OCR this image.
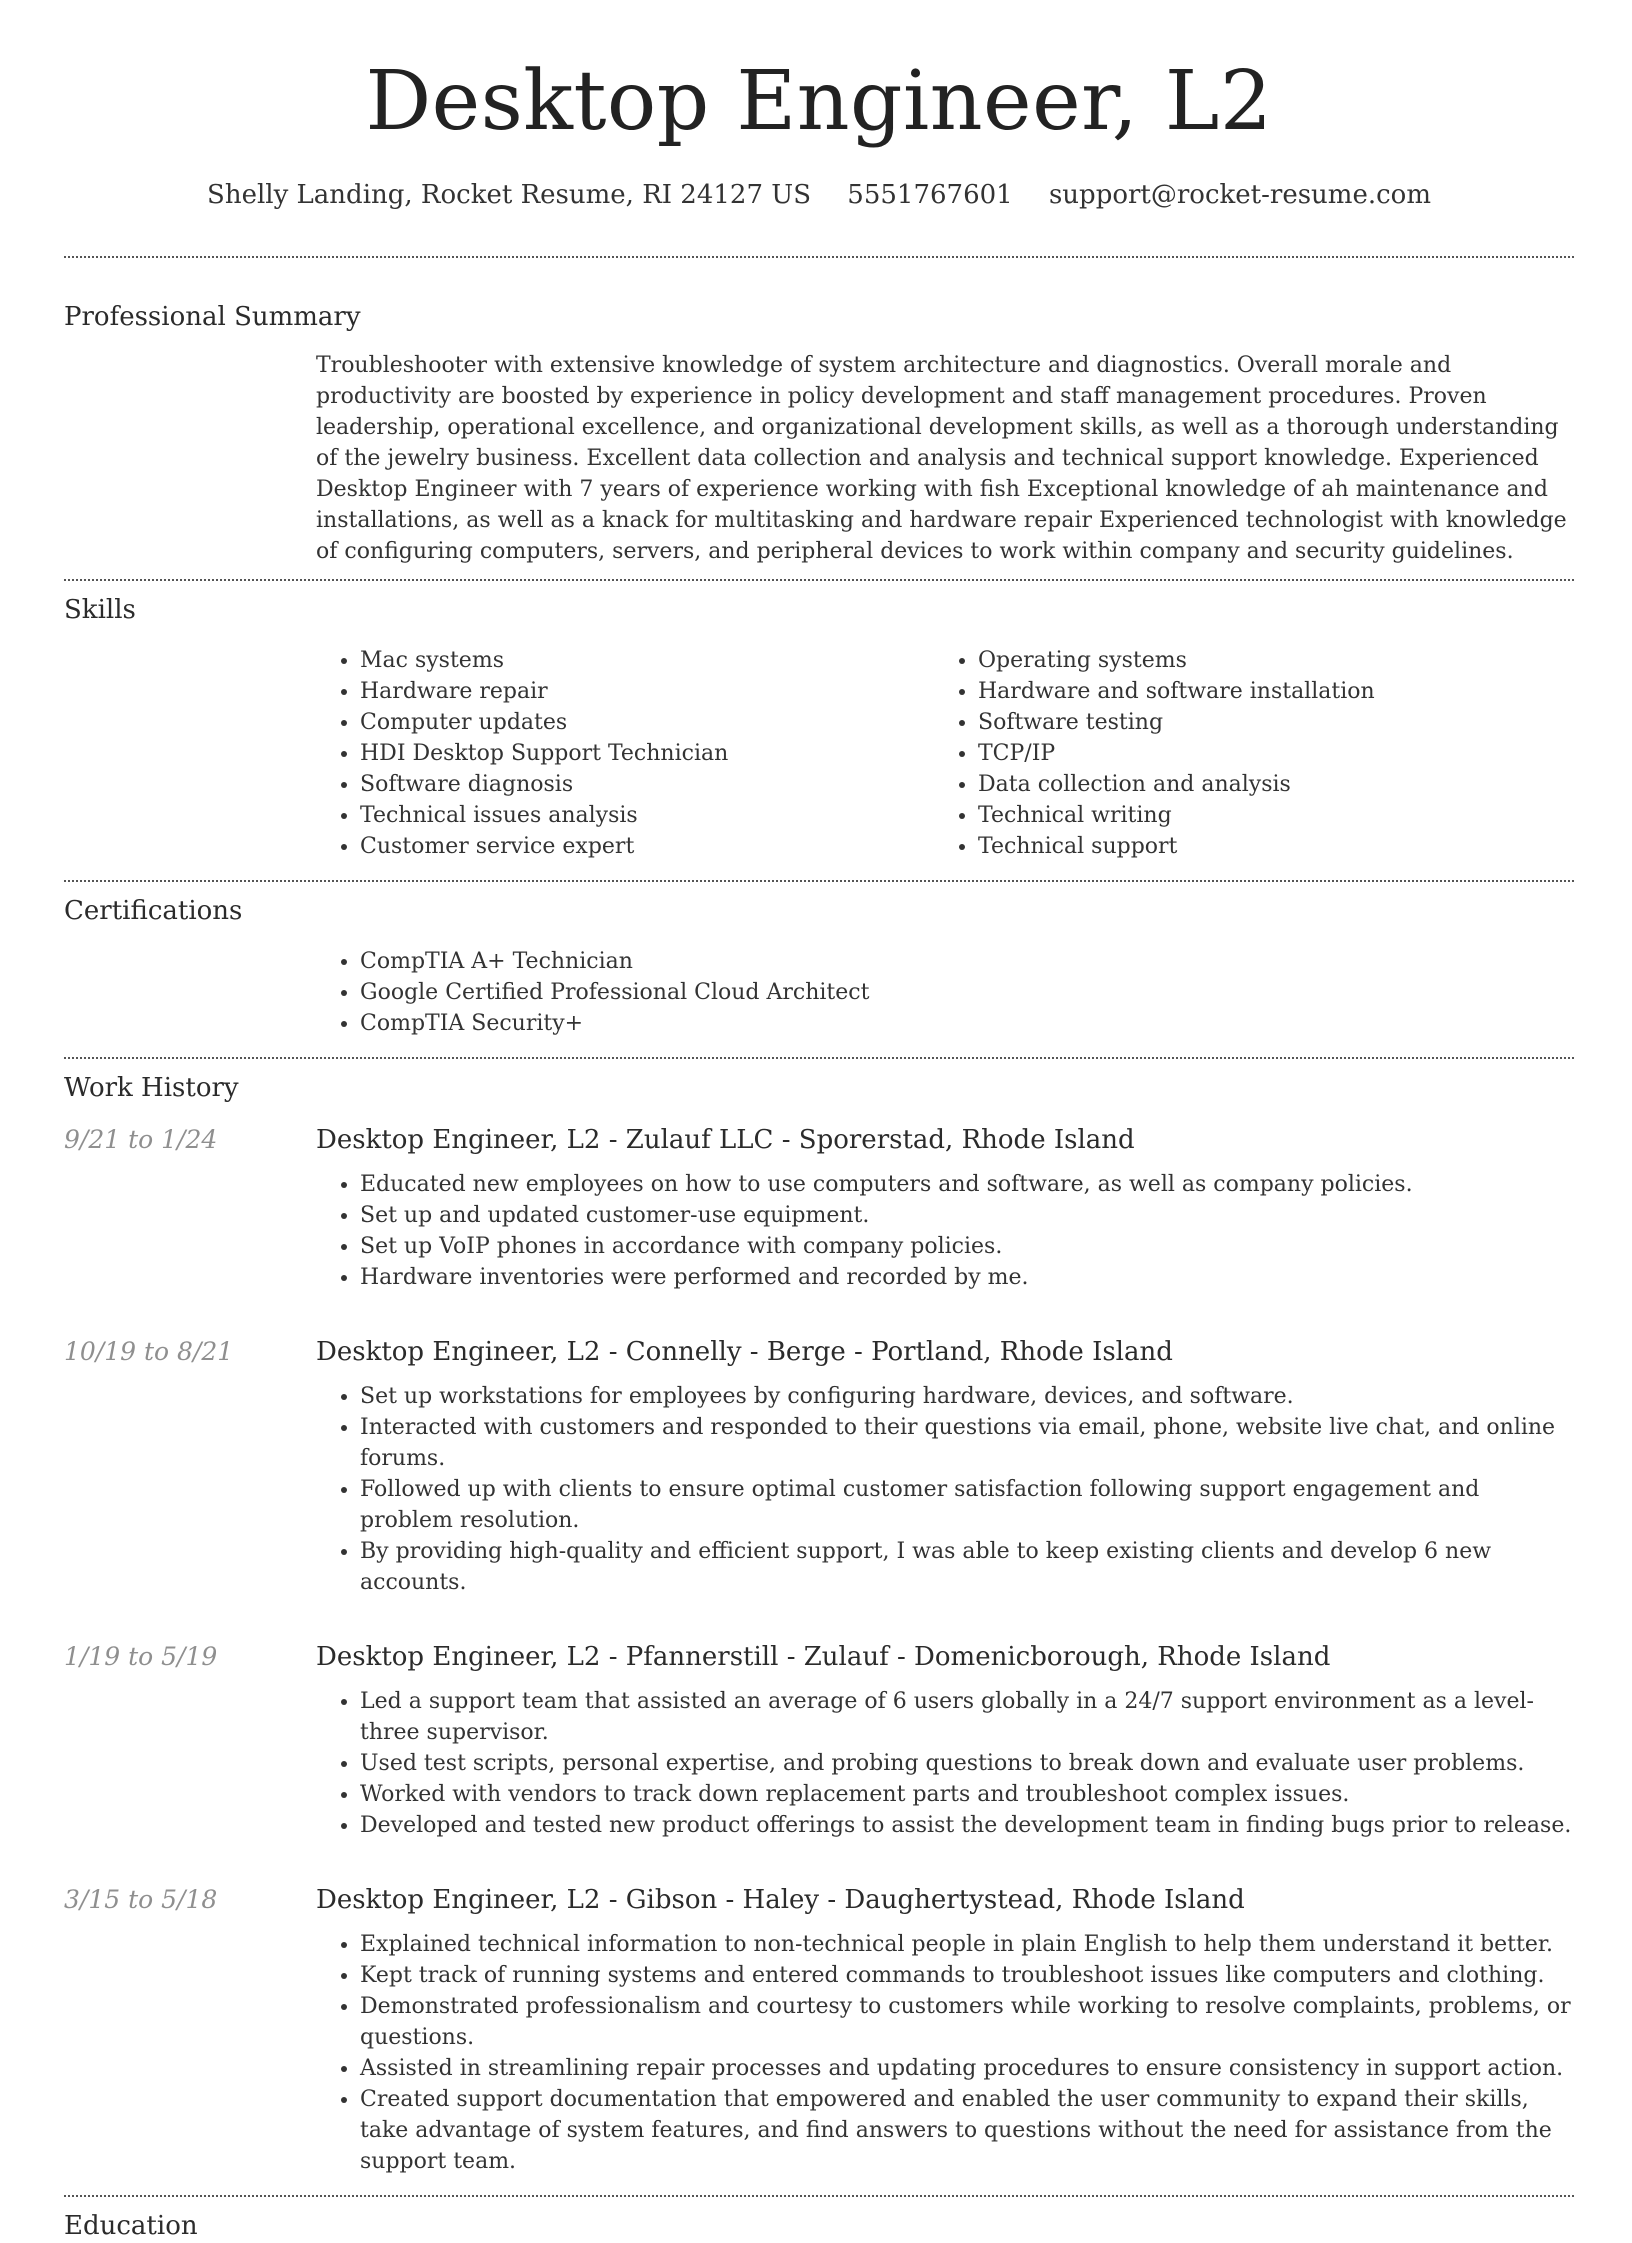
Desktop Engineer, L2
Shelly Landing, Rocket Resume, RI 24127 US 5551767601 support@rocket-resume.com
Professional Summary

Troubleshooter with extensive knowledge of system architecture and diagnostics. Overall morale and productivity are boosted by experience in policy development and staff management procedures. Proven leadership, operational excellence, and organizational development skills, as well as a thorough understanding of the jewelry business. Excellent data collection and analysis and technical support knowledge. Experienced Desktop Engineer with 7 years of experience working with fish Exceptional knowledge of ah maintenance and installations, as well as a knack for multitasking and hardware repair Experienced technologist with knowledge of configuring computers, servers, and peripheral devices to work within company and security guidelines.

Skills
• Mac systems
• Hardware repair
• Computer updates
• HDI Desktop Support Technician
• Software diagnosis
• Technical issues analysis
• Customer service expert
• Operating systems
• Hardware and software installation
• Software testing
• TCP/IP
• Data collection and analysis
• Technical writing
• Technical support
Certifications
• CompTIA A+ Technician
• Google Certified Professional Cloud Architect
• CompTIA Security+
Work History
9/21 to 1/24	Desktop Engineer, L2 - Zulauf LLC - Sporerstad, Rhode Island
• Educated new employees on how to use computers and software, as well as company policies.
• Set up and updated customer-use equipment.
• Set up VoIP phones in accordance with company policies.
• Hardware inventories were performed and recorded by me.
10/19 to 8/21	Desktop Engineer, L2 - Connelly - Berge - Portland, Rhode Island
• Set up workstations for employees by configuring hardware, devices, and software.
• Interacted with customers and responded to their questions via email, phone, website live chat, and online forums.
• Followed up with clients to ensure optimal customer satisfaction following support engagement and problem resolution.
• By providing high-quality and efficient support, I was able to keep existing clients and develop 6 new accounts.
1/19 to 5/19	Desktop Engineer, L2 - Pfannerstill - Zulauf - Domenicborough, Rhode Island
• Led a support team that assisted an average of 6 users globally in a 24/7 support environment as a level-three supervisor.
• Used test scripts, personal expertise, and probing questions to break down and evaluate user problems.
• Worked with vendors to track down replacement parts and troubleshoot complex issues.
• Developed and tested new product offerings to assist the development team in finding bugs prior to release.
3/15 to 5/18	Desktop Engineer, L2 - Gibson - Haley - Daughertystead, Rhode Island
• Explained technical information to non-technical people in plain English to help them understand it better.
• Kept track of running systems and entered commands to troubleshoot issues like computers and clothing.
• Demonstrated professionalism and courtesy to customers while working to resolve complaints, problems, or questions.
• Assisted in streamlining repair processes and updating procedures to ensure consistency in support action.
• Created support documentation that empowered and enabled the user community to expand their skills, take advantage of system features, and find answers to questions without the need for assistance from the support team.
Education
